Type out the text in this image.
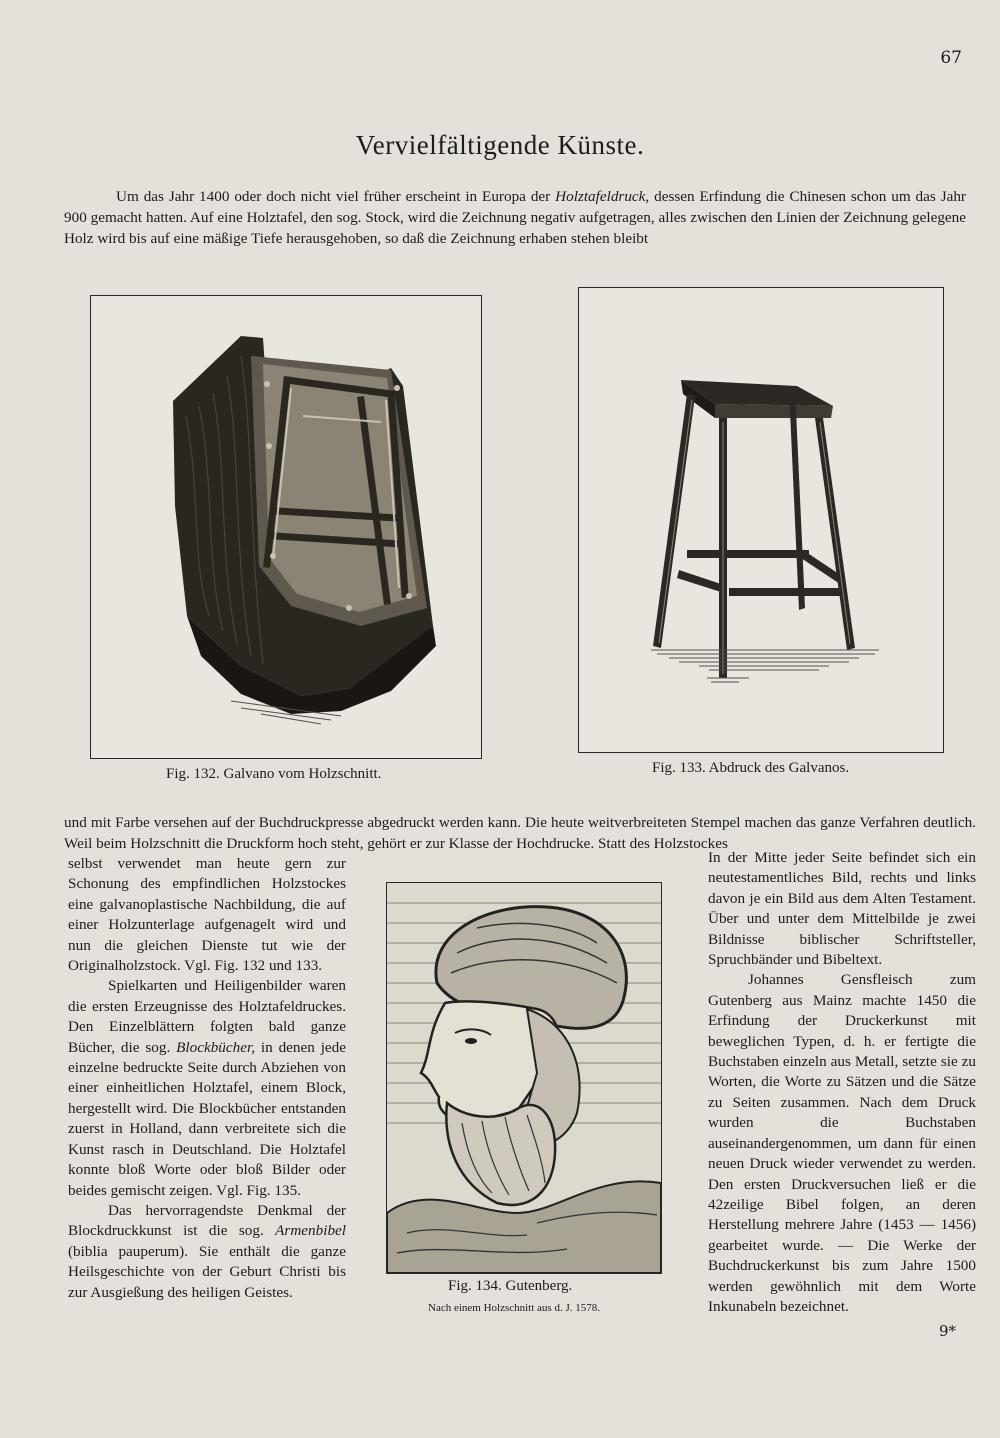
67
Vervielfältigende Künste.

Um das Jahr 1400 oder doch nicht viel früher erscheint in Europa der Holztafeldruck, dessen Erfindung die Chinesen schon um das Jahr 900 gemacht hatten. Auf eine Holztafel, den sog. Stock, wird die Zeichnung negativ aufgetragen, alles zwischen den Linien der Zeichnung gelegene Holz wird bis auf eine mäßige Tiefe herausgehoben, so daß die Zeichnung erhaben stehen bleibt

Fig. 132. Galvano vom Holzschnitt.	Fig. 133. Abdruck des Galvanos.

und mit Farbe versehen auf der Buchdruckpresse abgedruckt werden kann. Die heute weitverbreiteten Stempel machen das ganze Verfahren deutlich. Weil beim Holzschnitt die Druckform hoch steht, gehört er zur Klasse der Hochdrucke. Statt des Holzstockes

selbst verwendet man heute gern zur Schonung des empfindlichen Holzstockes eine galvanoplastische Nachbildung, die auf einer Holzunterlage aufgenagelt wird und nun die gleichen Dienste tut wie der Originalholzstock. Vgl. Fig. 132 und 133.

Spielkarten und Heiligenbilder waren die ersten Erzeugnisse des Holztafeldruckes. Den Einzelblättern folgten bald ganze Bücher, die sog. Blockbücher, in denen jede einzelne bedruckte Seite durch Abziehen von einer einheitlichen Holztafel, einem Block, hergestellt wird. Die Blockbücher entstanden zuerst in Holland, dann verbreitete sich die Kunst rasch in Deutschland. Die Holztafel konnte bloß Worte oder bloß Bilder oder beides gemischt zeigen. Vgl. Fig. 135.

Das hervorragendste Denkmal der Blockdruckkunst ist die sog. Armenbibel (biblia pauperum). Sie enthält die ganze Heilsgeschichte von der Geburt Christi bis zur Ausgießung des heiligen Geistes.	Fig. 134. Gutenberg.
Nach einem Holzschnitt aus d. J. 1578.

In der Mitte jeder Seite befindet sich ein neutestamentliches Bild, rechts und links davon je ein Bild aus dem Alten Testament. Über und unter dem Mittelbilde je zwei Bildnisse biblischer Schriftsteller, Spruchbänder und Bibeltext.

Johannes Gensfleisch zum Gutenberg aus Mainz machte 1450 die Erfindung der Druckerkunst mit beweglichen Typen, d. h. er fertigte die Buchstaben einzeln aus Metall, setzte sie zu Worten, die Worte zu Sätzen und die Sätze zu Seiten zusammen. Nach dem Druck wurden die Buchstaben auseinandergenommen, um dann für einen neuen Druck wieder verwendet zu werden. Den ersten Druckversuchen ließ er die 42zeilige Bibel folgen, an deren Herstellung mehrere Jahre (1453 — 1456) gearbeitet wurde. — Die Werke der Buchdruckerkunst bis zum Jahre 1500 werden gewöhnlich mit dem Worte Inkunabeln bezeichnet.

9*
